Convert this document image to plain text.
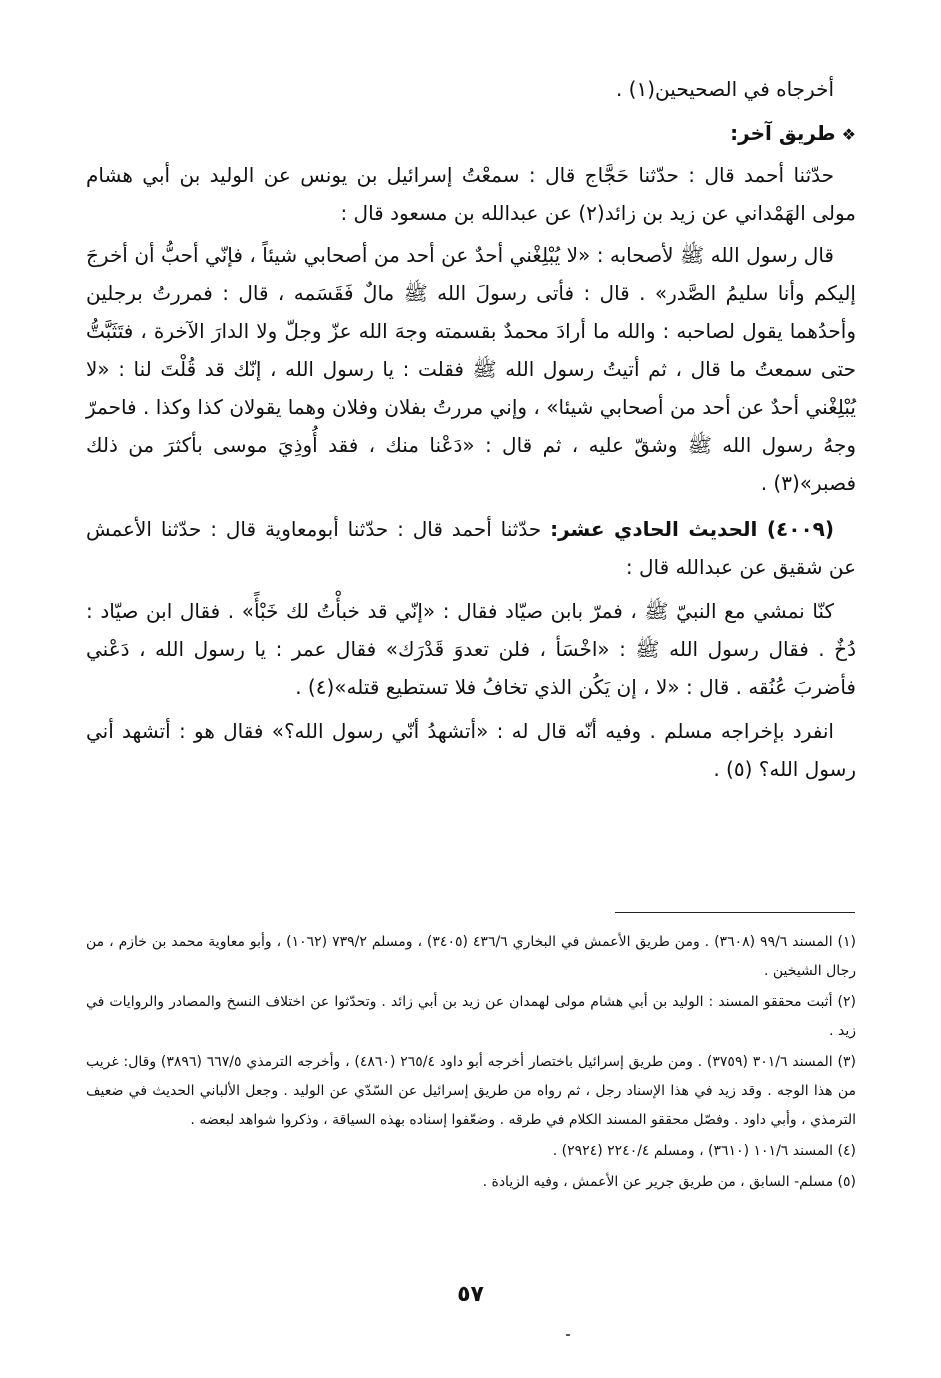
أخرجاه في الصحيحين(١) .

❖طريق آخر:

حدّثنا أحمد قال : حدّثنا حَجَّاج قال : سمعْتُ إسرائيل بن يونس عن الوليد بن أبي هشام مولى الهَمْداني عن زيد بن زائد(٢) عن عبدالله بن مسعود قال :

قال رسول الله ﷺ لأصحابه : «لا يُبْلِغْني أحدٌ عن أحد من أصحابي شيئاً ، فإنّي أحبُّ أن أخرجَ إليكم وأنا سليمُ الصَّدر» . قال : فأتى رسولَ الله ﷺ مالٌ فَقَسَمه ، قال : فمررتُ برجلين وأحدُهما يقول لصاحبه : والله ما أرادَ محمدٌ بقسمته وجهَ الله عزّ وجلّ ولا الدارَ الآخرة ، فتَثَبَّتُّ حتى سمعتُ ما قال ، ثم أتيتُ رسول الله ﷺ فقلت : يا رسول الله ، إنّك قد قُلْتَ لنا : «لا يُبْلِغْني أحدٌ عن أحد من أصحابي شيئا» ، وإني مررتُ بفلان وفلان وهما يقولان كذا وكذا . فاحمرّ وجهُ رسول الله ﷺ وشقّ عليه ، ثم قال : «دَعْنا منك ، فقد أُوذِيَ موسى بأكثرَ من ذلك فصبر»(٣) .

(٤٠٠٩) الحديث الحادي عشر: حدّثنا أحمد قال : حدّثنا أبومعاوية قال : حدّثنا الأعمش عن شقيق عن عبدالله قال :

كنّا نمشي مع النبيّ ﷺ ، فمرّ بابن صيّاد فقال : «إنّي قد خبأْتُ لك خَبْأً» . فقال ابن صيّاد : دُخٌ . فقال رسول الله ﷺ : «اخْسَأ ، فلن تعدوَ قَدْرَك» فقال عمر : يا رسول الله ، دَعْني فأضربَ عُنُقه . قال : «لا ، إن يَكُن الذي تخافُ فلا تستطيع قتله»(٤) .

انفرد بإخراجه مسلم . وفيه أنّه قال له : «أتشهدُ أنّي رسول الله؟» فقال هو : أتشهد أني رسول الله؟ (٥) .

(١) المسند ٩٩/٦ (٣٦٠٨) . ومن طريق الأعمش في البخاري ٤٣٦/٦ (٣٤٠٥) ، ومسلم ٧٣٩/٢ (١٠٦٢) ، وأبو معاوية محمد بن خازم ، من رجال الشيخين .

(٢) أثبت محققو المسند : الوليد بن أبي هشام مولى لهمدان عن زيد بن أبي زائد . وتحدّثوا عن اختلاف النسخ والمصادر والروايات في زيد .

(٣) المسند ٣٠١/٦ (٣٧٥٩) . ومن طريق إسرائيل باختصار أخرجه أبو داود ٢٦٥/٤ (٤٨٦٠) ، وأخرجه الترمذي ٦٦٧/٥ (٣٨٩٦) وقال: غريب من هذا الوجه . وقد زيد في هذا الإسناد رجل ، ثم رواه من طريق إسرائيل عن السّدّي عن الوليد . وجعل الألباني الحديث في ضعيف الترمذي ، وأبي داود . وفصّل محققو المسند الكلام في طرقه . وضعّفوا إسناده بهذه السياقة ، وذكروا شواهد لبعضه .

(٤) المسند ١٠١/٦ (٣٦١٠) ، ومسلم ٢٢٤٠/٤ (٢٩٢٤) .

(٥) مسلم- السابق ، من طريق جرير عن الأعمش ، وفيه الزيادة .

٥٧
